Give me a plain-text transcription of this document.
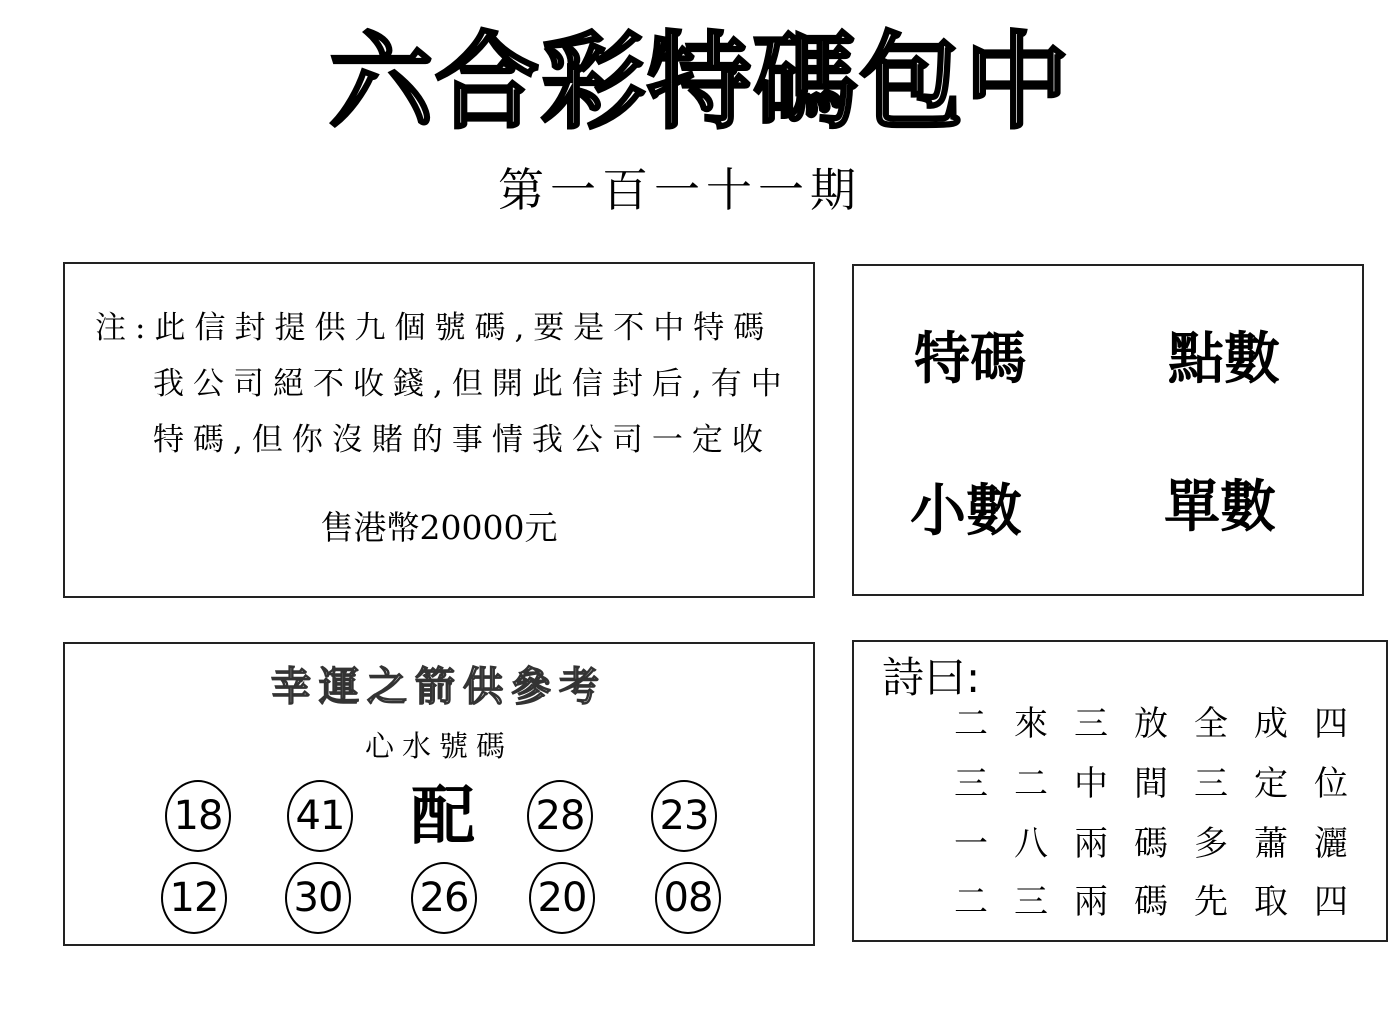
六合彩特碼包中
第一百一十一期
注:此信封提供九個號碼,要是不中特碼
我公司絕不收錢,但開此信封后,有中
特碼,但你沒賭的事情我公司一定收
售港幣20000元
特碼	點數
小數	單數
幸運之箭供參考
心水號碼
18 41 配 28 23
12 30 26 20 08
詩曰:
二來三放全成四
三二中間三定位
一八兩碼多蕭灑
二三兩碼先取四
